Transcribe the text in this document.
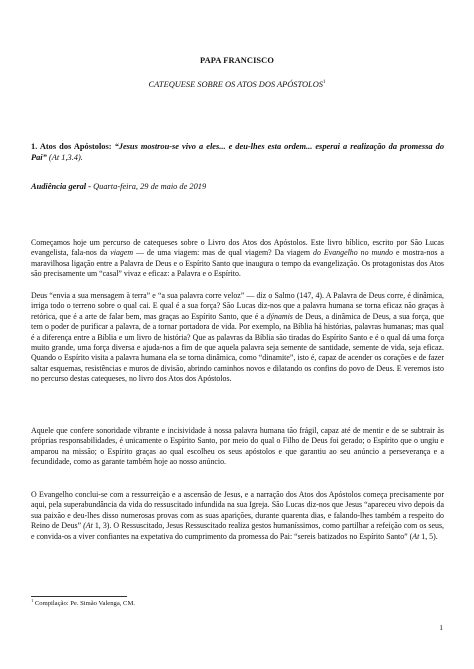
PAPA FRANCISCO
CATEQUESE SOBRE OS ATOS DOS APÓSTOLOS$^1$
1. Atos dos Apóstolos: “Jesus mostrou-se vivo a eles... e deu-lhes esta ordem... esperai a realização da promessa do Pai” (At 1,3.4).
Audiência geral - Quarta-feira, 29 de maio de 2019
Começamos hoje um percurso de catequeses sobre o Livro dos Atos dos Apóstolos. Este livro bíblico, escrito por São Lucas evangelista, fala-nos da viagem — de uma viagem: mas de qual viagem? Da viagem do Evangelho no mundo e mostra-nos a maravilhosa ligação entre a Palavra de Deus e o Espírito Santo que inaugura o tempo da evangelização. Os protagonistas dos Atos são precisamente um “casal” vivaz e eficaz: a Palavra e o Espírito.
Deus “envia a sua mensagem à terra” e “a sua palavra corre veloz” — diz o Salmo (147, 4). A Palavra de Deus corre, é dinâmica, irriga todo o terreno sobre o qual cai. E qual é a sua força? São Lucas diz-nos que a palavra humana se torna eficaz não graças à retórica, que é a arte de falar bem, mas graças ao Espírito Santo, que é a dýnamis de Deus, a dinâmica de Deus, a sua força, que tem o poder de purificar a palavra, de a tornar portadora de vida. Por exemplo, na Bíblia há histórias, palavras humanas; mas qual é a diferença entre a Bíblia e um livro de história? Que as palavras da Bíblia são tiradas do Espírito Santo e é o qual dá uma força muito grande, uma força diversa e ajuda-nos a fim de que aquela palavra seja semente de santidade, semente de vida, seja eficaz. Quando o Espírito visita a palavra humana ela se torna dinâmica, como “dinamite”, isto é, capaz de acender os corações e de fazer saltar esquemas, resistências e muros de divisão, abrindo caminhos novos e dilatando os confins do povo de Deus. E veremos isto no percurso destas catequeses, no livro dos Atos dos Apóstolos.
Aquele que confere sonoridade vibrante e incisividade à nossa palavra humana tão frágil, capaz até de mentir e de se subtrair às próprias responsabilidades, é unicamente o Espírito Santo, por meio do qual o Filho de Deus foi gerado; o Espírito que o ungiu e amparou na missão; o Espírito graças ao qual escolheu os seus apóstolos e que garantiu ao seu anúncio a perseverança e a fecundidade, como as garante também hoje ao nosso anúncio.
O Evangelho conclui-se com a ressurreição e a ascensão de Jesus, e a narração dos Atos dos Apóstolos começa precisamente por aqui, pela superabundância da vida do ressuscitado infundida na sua Igreja. São Lucas diz-nos que Jesus “apareceu vivo depois da sua paixão e deu-lhes disso numerosas provas com as suas aparições, durante quarenta dias, e falando-lhes também a respeito do Reino de Deus” (At 1, 3). O Ressuscitado, Jesus Ressuscitado realiza gestos humaníssimos, como partilhar a refeição com os seus, e convida-os a viver confiantes na expetativa do cumprimento da promessa do Pai: “sereis batizados no Espírito Santo” (At 1, 5).
$^1$ Compilação: Pe. Simão Valenga, CM.
1
